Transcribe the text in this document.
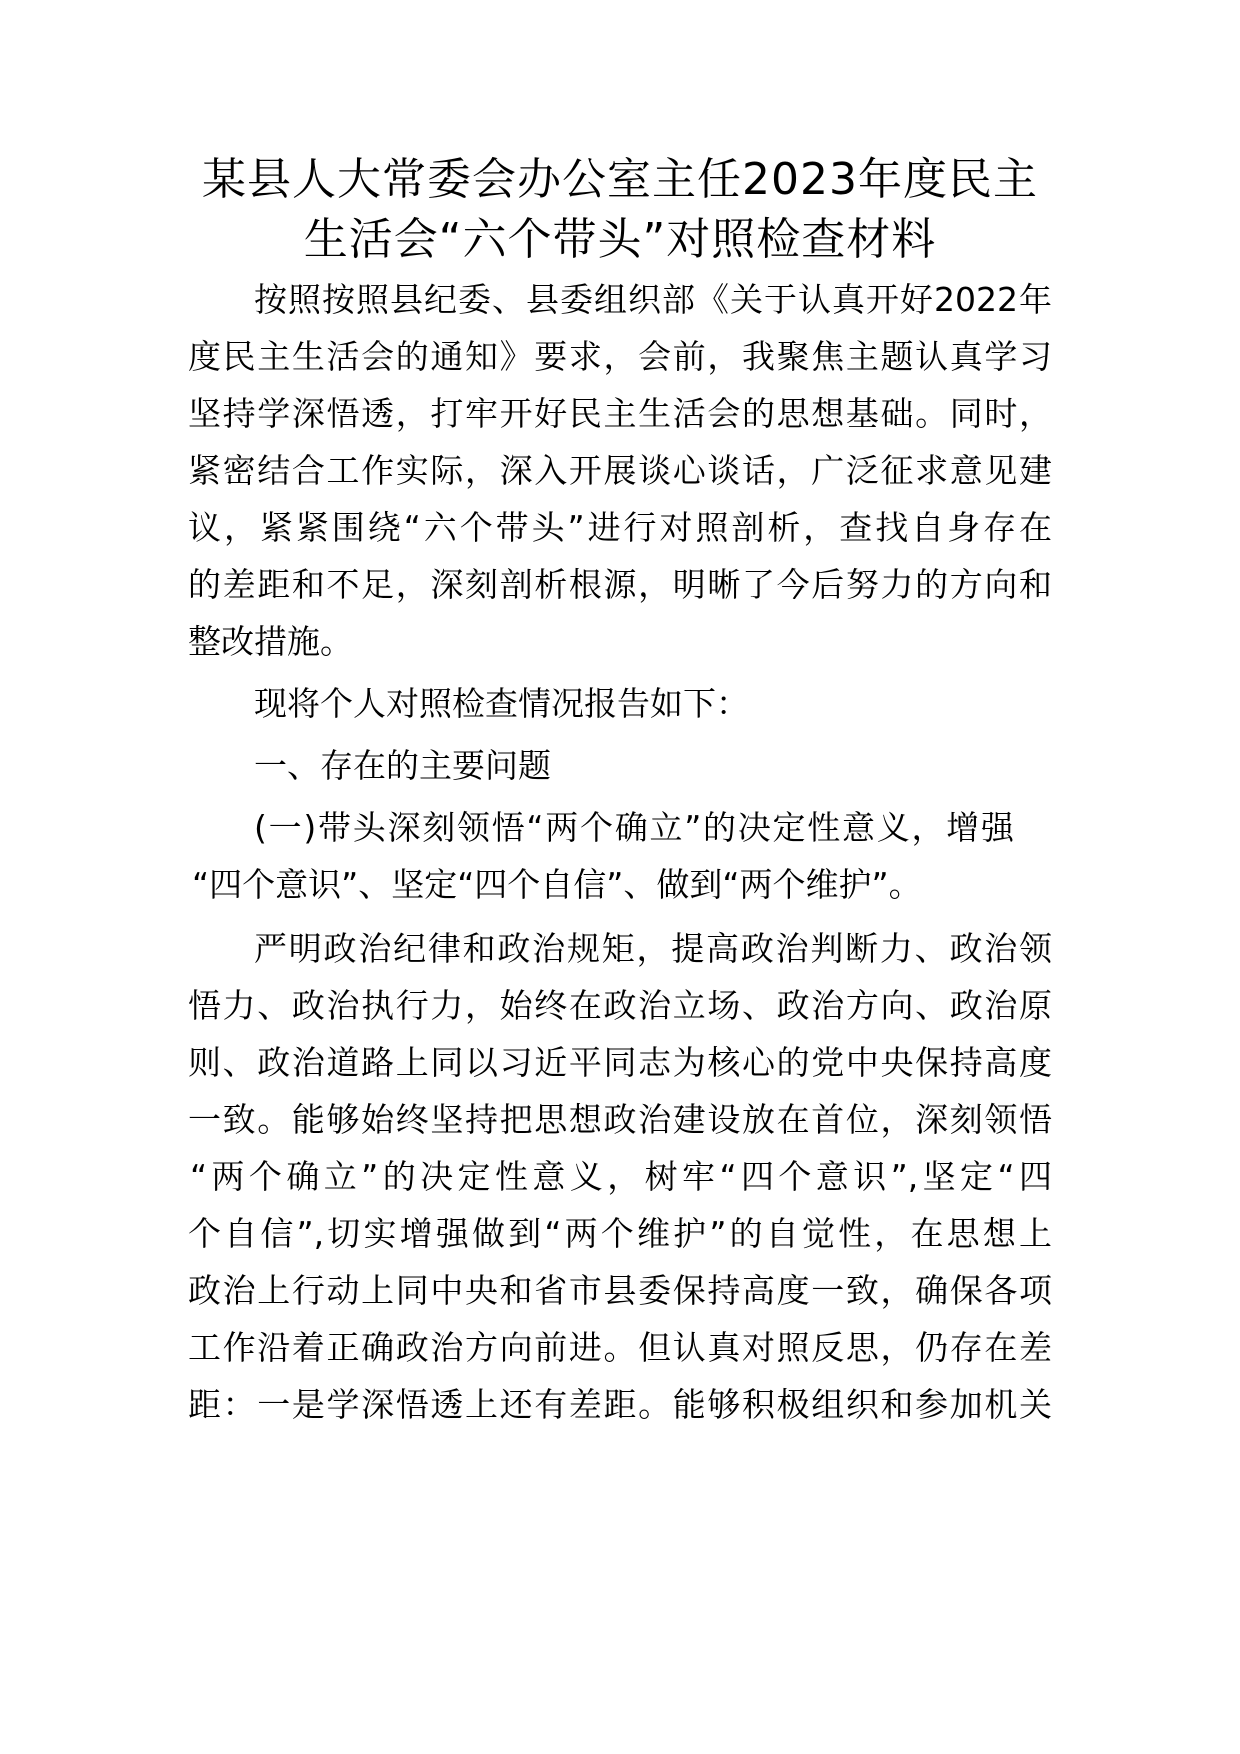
某县人大常委会办公室主任2023年度民主
生活会“六个带头”对照检查材料
按照按照县纪委、县委组织部《关于认真开好2022年
度民主生活会的通知》要求，会前，我聚焦主题认真学习
坚持学深悟透，打牢开好民主生活会的思想基础。同时，
紧密结合工作实际，深入开展谈心谈话，广泛征求意见建
议，紧紧围绕“六个带头”进行对照剖析，查找自身存在
的差距和不足，深刻剖析根源，明晰了今后努力的方向和
整改措施。
现将个人对照检查情况报告如下：
一、存在的主要问题
(一)带头深刻领悟“两个确立”的决定性意义，增强
“四个意识”、坚定“四个自信”、做到“两个维护”。
严明政治纪律和政治规矩，提高政治判断力、政治领
悟力、政治执行力，始终在政治立场、政治方向、政治原
则、政治道路上同以习近平同志为核心的党中央保持高度
一致。能够始终坚持把思想政治建设放在首位，深刻领悟
“两个确立”的决定性意义，树牢“四个意识”,坚定“四
个自信”,切实增强做到“两个维护”的自觉性，在思想上
政治上行动上同中央和省市县委保持高度一致，确保各项
工作沿着正确政治方向前进。但认真对照反思，仍存在差
距：一是学深悟透上还有差距。能够积极组织和参加机关
